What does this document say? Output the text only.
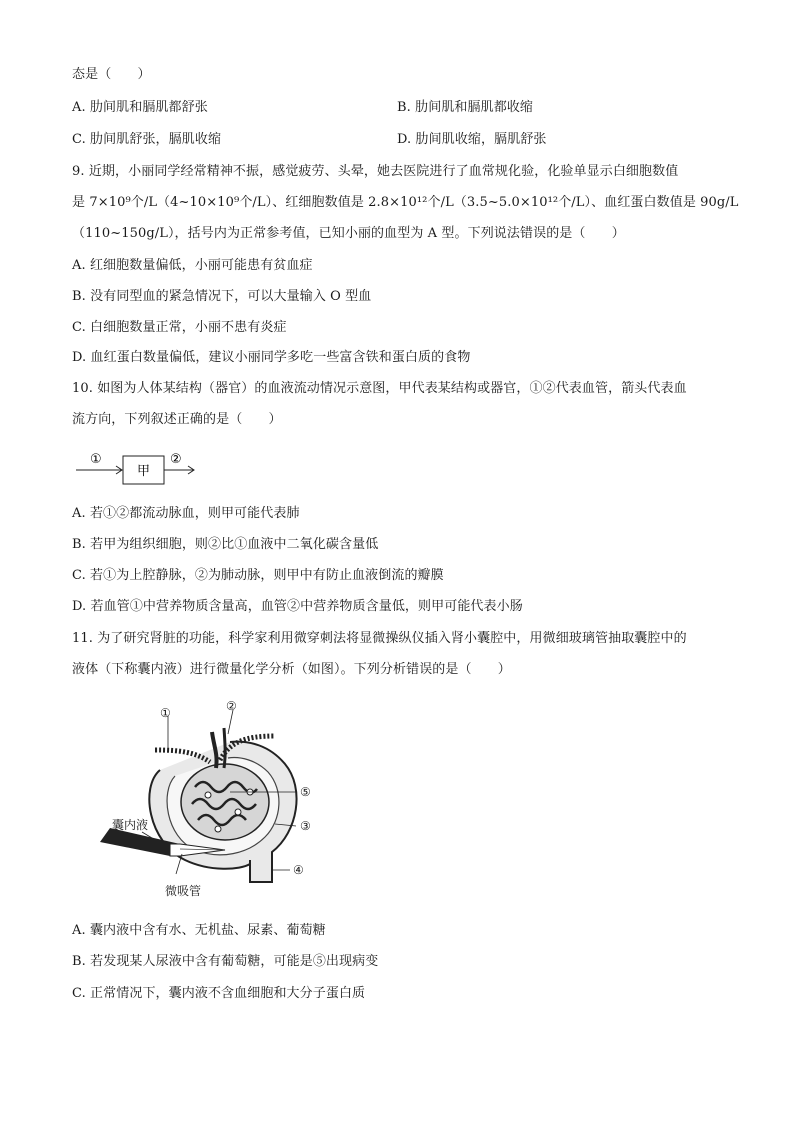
态是（　　）
A. 肋间肌和膈肌都舒张	B. 肋间肌和膈肌都收缩
C. 肋间肌舒张，膈肌收缩	D. 肋间肌收缩，膈肌舒张
9. 近期，小丽同学经常精神不振，感觉疲劳、头晕，她去医院进行了血常规化验，化验单显示白细胞数值
是 7×10⁹个/L（4~10×10⁹个/L）、红细胞数值是 2.8×10¹²个/L（3.5~5.0×10¹²个/L）、血红蛋白数值是 90g/L
（110~150g/L），括号内为正常参考值，已知小丽的血型为 A 型。下列说法错误的是（　　）
A. 红细胞数量偏低，小丽可能患有贫血症
B. 没有同型血的紧急情况下，可以大量输入 O 型血
C. 白细胞数量正常，小丽不患有炎症
D. 血红蛋白数量偏低，建议小丽同学多吃一些富含铁和蛋白质的食物
10. 如图为人体某结构（器官）的血液流动情况示意图，甲代表某结构或器官，①②代表血管，箭头代表血
流方向，下列叙述正确的是（　　）
①
甲
②
A. 若①②都流动脉血，则甲可能代表肺
B. 若甲为组织细胞，则②比①血液中二氧化碳含量低
C. 若①为上腔静脉，②为肺动脉，则甲中有防止血液倒流的瓣膜
D. 若血管①中营养物质含量高，血管②中营养物质含量低，则甲可能代表小肠
11. 为了研究肾脏的功能，科学家利用微穿刺法将显微操纵仪插入肾小囊腔中，用微细玻璃管抽取囊腔中的
液体（下称囊内液）进行微量化学分析（如图）。下列分析错误的是（　　）
①	②
⑤
③
④
囊内液
微吸管
A. 囊内液中含有水、无机盐、尿素、葡萄糖
B. 若发现某人尿液中含有葡萄糖，可能是⑤出现病变
C. 正常情况下，囊内液不含血细胞和大分子蛋白质
